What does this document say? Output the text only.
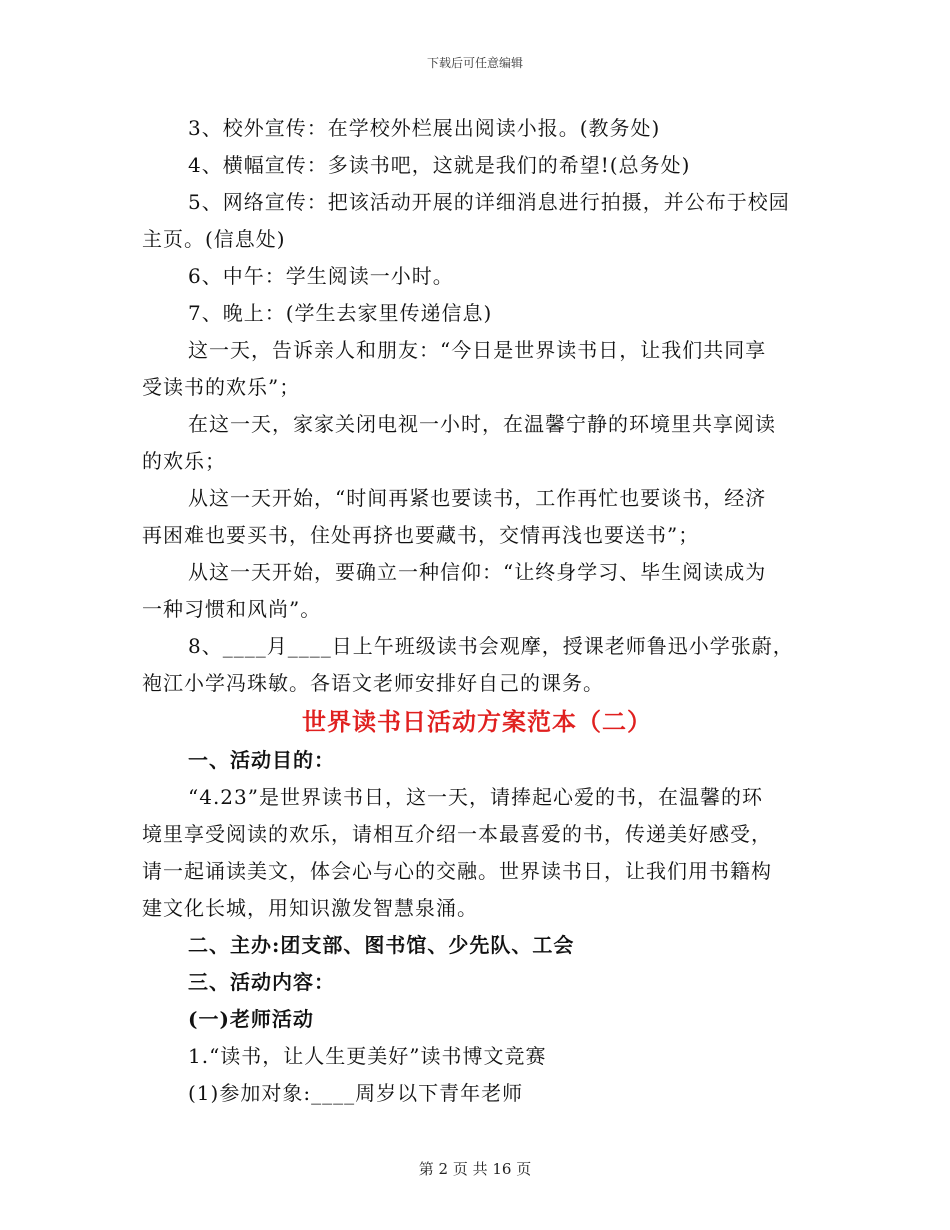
下载后可任意编辑
3、校外宣传：在学校外栏展出阅读小报。(教务处)
4、横幅宣传：多读书吧，这就是我们的希望!(总务处)
5、网络宣传：把该活动开展的详细消息进行拍摄，并公布于校园
主页。(信息处)
6、中午：学生阅读一小时。
7、晚上：(学生去家里传递信息)
这一天，告诉亲人和朋友：“今日是世界读书日，让我们共同享
受读书的欢乐”；
在这一天，家家关闭电视一小时，在温馨宁静的环境里共享阅读
的欢乐；
从这一天开始，“时间再紧也要读书，工作再忙也要谈书，经济
再困难也要买书，住处再挤也要藏书，交情再浅也要送书”；
从这一天开始，要确立一种信仰：“让终身学习、毕生阅读成为
一种习惯和风尚”。
8、____月____日上午班级读书会观摩，授课老师鲁迅小学张蔚，
袍江小学冯珠敏。各语文老师安排好自己的课务。
世界读书日活动方案范本（二）
一、活动目的：
“4.23”是世界读书日，这一天，请捧起心爱的书，在温馨的环
境里享受阅读的欢乐，请相互介绍一本最喜爱的书，传递美好感受，
请一起诵读美文，体会心与心的交融。世界读书日，让我们用书籍构
建文化长城，用知识激发智慧泉涌。
二、主办:团支部、图书馆、少先队、工会
三、活动内容：
(一)老师活动
1.“读书，让人生更美好”读书博文竞赛
(1)参加对象:____周岁以下青年老师
第 2 页 共 16 页
